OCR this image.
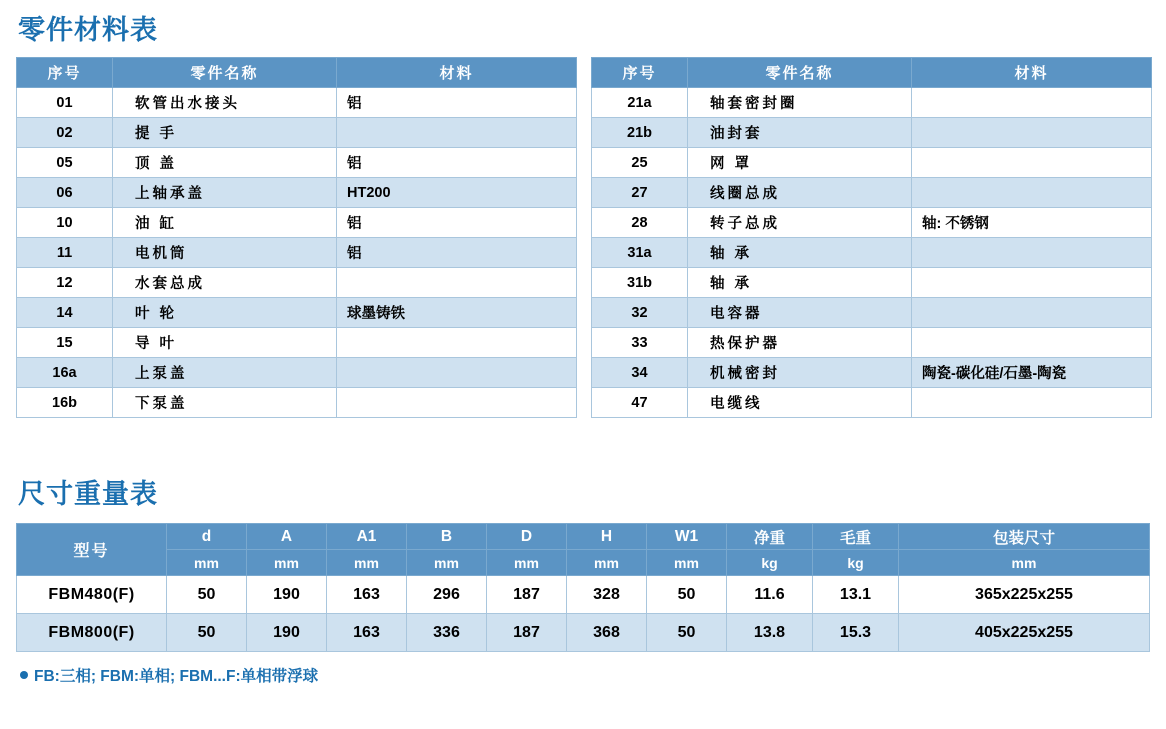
零件材料表
序号	零件名称	材料
01	软管出水接头	铝
02	提 手	
05	顶 盖	铝
06	上轴承盖	HT200
10	油 缸	铝
11	电机筒	铝
12	水套总成	
14	叶 轮	球墨铸铁
15	导 叶	
16a	上泵盖	
16b	下泵盖	
序号	零件名称	材料
21a	轴套密封圈	
21b	油封套	
25	网 罩	
27	线圈总成	
28	转子总成	轴: 不锈钢
31a	轴 承	
31b	轴 承	
32	电容器	
33	热保护器	
34	机械密封	陶瓷-碳化硅/石墨-陶瓷
47	电缆线	
尺寸重量表
型号	d	A	A1	B	D	H	W1	净重	毛重	包装尺寸
	mm	mm	mm	mm	mm	mm	mm	kg	kg	mm
FBM480(F)	50	190	163	296	187	328	50	11.6	13.1	365x225x255
FBM800(F)	50	190	163	336	187	368	50	13.8	15.3	405x225x255
FB:三相; FBM:单相; FBM...F:单相带浮球
